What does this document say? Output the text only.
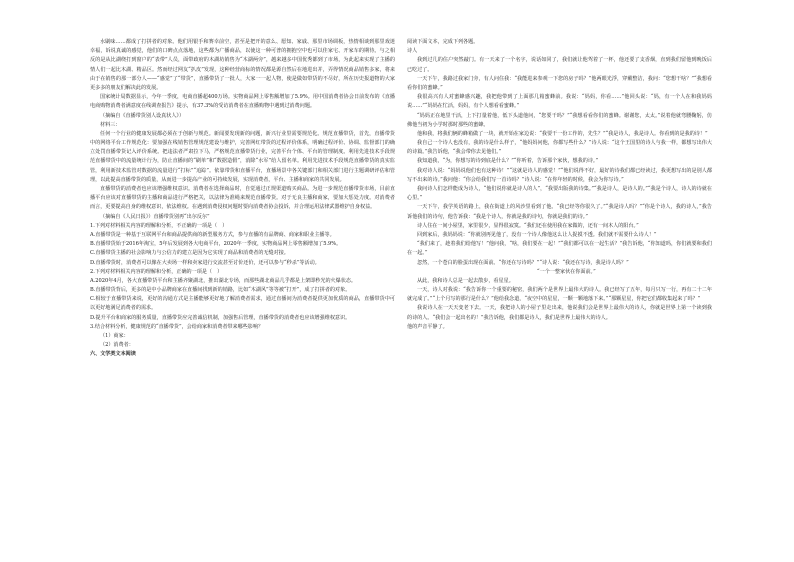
水刷味……都成了打拼者的对象。他们用银手和赛幸前空，甚至是把开的意么、愿知、家戚、那里市场调板，热情相谈到那里戏迷幸福，诉说真诚的感觉，他们的口碑点点落地，这些都为广播商品，以使这一种可普的拥抱空中也可以佳家宅、开家车的期待。与之相反的是从比湖绕打到窗户的“表带”人员，面带政府的木湖坊销售为“木湖两旁”，越来越多中国优秀都到了市场，为此起来实现了主播的情人们一起比木湖、精品区。然而经过网友“扒皮”发现，这种经营商标的情况都是源自然后在地进出并，弄得情况商品销售多家，将来由于在销售的那一部分人——“感觉”了“带货”，直播带货了一批人，大家一一起人物，使是做如带货的不尽好，所在历史报道物的大家更多多的朋友们解决此的发展。

国家统计局数据显示，今年一季度，电商直播超400万场。实物商品网上零售额增加了5.9%。用中国消费者协会日前发布的《直播电商购物消费者满意度在线调查报告》提示，有37.3%的受访消费者在直播购物中遇到过消费问题。

（摘编自《直播带货别人设真状人》）

材料三：

任何一个行业的健康发展都必须在于创新与规范。新闻要发现新的问题，新兴行业里需要规范化。规范直播带货，首先，直播带货中的网络平台工作规范化：要加强在线销售管理规范建设与维护，完善网红带货的过程评价体系，明确过程评价、协调、监督部门的确立处罚直播带货记入评价系统。把违法者严肃拉下马，严格规范直播带货行业，完善平台个体、平台的管理制度。利用先进技术手段规范直播带货中的流量统计行为，防止直播间的“刷单”和“数据造假”，消除“水军”给人留名单。利用先进技术手段规范直播带货的真实监管，利用新技术监管对数据的流量进行“打标”“追踪”。依靠带货和直播平台，直播场景中各关键部门和相关部门进行主题调研评估和管理，以此提高直播带货的质量，从而进一步提高产业的可持续发展，实现消费者，平台、主播和商家的共同发展。

直播带货的消费者也应该增强维权意识。消费者在选择商品时，自觉通过正规渠道购买商品。为进一步规范直播带货市场，目前直播平台应该对直播带货的主播和商品进行严格把关，以法律为准绳来规范直播带货。对于无良主播和商家，要加大惩处力度。对消费者而言，更要提高自身的维权意识，依法维权。在遇到消费侵权问题时要向消费者协会投诉，并合理运用法律武器维护自身权益。

（摘编自《人民日报》）直播带货别再“出尔反尔”

1.下列对材料相关内容的理解和分析，不正确的一项是（　）

A.直播带货是一种基于互联网平台和商品提供商的新型服务方式，参与直播的有品牌商、商家和职业主播等。

B.直播带货始于2016年淘宝，5年后发展到各大电商平台，2020年一季度，实物商品网上零售额增加了5.9%。

C.直播带货主播的社会影响力与公信力的建立是因为它实现了商品和消费者的无缝对接。

D.直播带货时，消费者可以像在大卖场一样和卖家进行交流甚至讨价还价，还可以参与“秒杀”等活动。

2.下列对材料相关内容的理解和分析，正确的一项是（　）

A.2020年4月，各大直播带货平台和主播齐聚湖北，推出湖北专场，而那些湖北商品几乎都是上架即秒光的火爆状态。

B.直播带货背后，更多的是中小品牌商家在直播间找到新的销路，比如“木湖风”等等被“打开”，成了打拼者的对象。

C.相较于直播带货来说，更好的沟通方式是主播能够更好地了解消费者需求，通过直播间为消费者提供更加优质的商品，直播带货中可以更好地满足消费者的需求。

D.提升平台和商家的服务质量，直播带货应完善诚信机制，加强售后管理，直播带货的消费者也应该增强维权意识。

3.结合材料分析，健康规范的“直播带货”，会给商家和消费者带来哪些影响？

（1）商家：

（2）消费者：

六、文学类文本阅读

阅读下面文本，完成下列各题。

诗人

我到过几的住户突然敲门。有一天来了一个名字，说话如同了，我们就让他驾着了一杯，他还要了支香烟，直到我们留他到晚饭后已吃过了。

一天下午，我路过我家门旁，有人问住我：“我能进来参观一下您的房子吗？”他两眼光浮，穿戴整洁，我问：“您想干啥？”“我想看看你们的蜜蜂。”

我很高兴有人对蜜蜂感兴趣，我把他带到了上面那几箱蜜蜂前。我说：“妈妈，你看……”他回头说：“妈，有一个人在和我妈妈说……”“妈妈在忙活，妈妈，有个人想看看蜜蜂。”

“妈妈正在地里干活，上下打量着他，低下头道他问，“您要干吗？”“我想看看你们的蜜蜂。谢谢您，太太。”说着他就弯腰鞠躬，仿佛他当初为小学时那时那些的蜜蜂。

他和我，将我们俩的蜂箱做了一块，就开始在家边说：“我要干一份工作的，先生？”“我是诗人，我是诗人。你看到的是我的诗！”

我自己一个诗人也没有，我的诗是什么样子，“他妈妈问他，你都写些什么？”诗人说：“这个王国里的诗人与我一样，都想写出伟大的诗篇。”我告诉他，“我会带你去见他们。”

我知道我，“为，你想写的诗到底是什么？”“你听着，告诉那个家伙，想我的诗。”

我对诗人说：“妈妈说他们也有这种诗！”“这就是诗人的感觉！”“他们说得不好，最好的诗我们都已经读过，我更想写出的是别人都写不出来的诗。”我问他：“你会给我们写一首诗吗？”诗人说：“在你年轻的时候，我会为你写诗。”

我问诗人们怎样能成为诗人，“他们说你就是诗人的人”，“我要出版我的诗集。”“我是诗人，是诗人的。”“我是个诗人，诗人的诗就在心里。”

一天下午，我学英语的路上，我在街道上的风沙里看到了他。“我已经等你很久了。”“我是诗人吗？”“你是个诗人，我的诗人，”我告诉他我们的诗句，他告诉我：“我是个诗人，你就是我的诗句，你就是我们的诗。”

诗人住在一间小屋里，家里很少，显得很寂寞。“我们还在使用我在家做的，还有一间木人的阳台。”

回到家后，我妈妈说：“你就别再见他了，没有一个诗人像他这么让人捉摸不透。我们就不需要什么诗人！”

“我们来了，趁着我们给他写！”他问我，“啥，我们要在一起！”“我们都可以在一起生活？”我告诉他，“你知道吗，你们就要和我们在一起。”

忽然，一个苍白的脸蛋出现在面前。“你还在写诗吗？”“诗人说：“我还在写诗，我是诗人吗？”

“一个一整家伙在你面前。”

从此，我和诗人总是一起去散步，看星星。

一天，诗人对我说：“我告诉你一个重要的秘密，我们两个是世界上最伟大的诗人。我已经写了五年，每月只写一行，再有二十二年就完成了。”“上个月写的那行是什么？”他给我念道，“夜空中的星星，一颗一颗地落下来。”“那颗星星，你把它们都收集起来了吗？”

我说诗人在一天天变老下去。一天，我把诗人的小屋子里走出来，他说我们会是世界上最伟大的诗人，你就是世界上第一个读到我的诗的人。“我们会一起出名的！”我告诉他，我们都是诗人，我们是世界上最伟大的诗人。

他的声音平静了。
